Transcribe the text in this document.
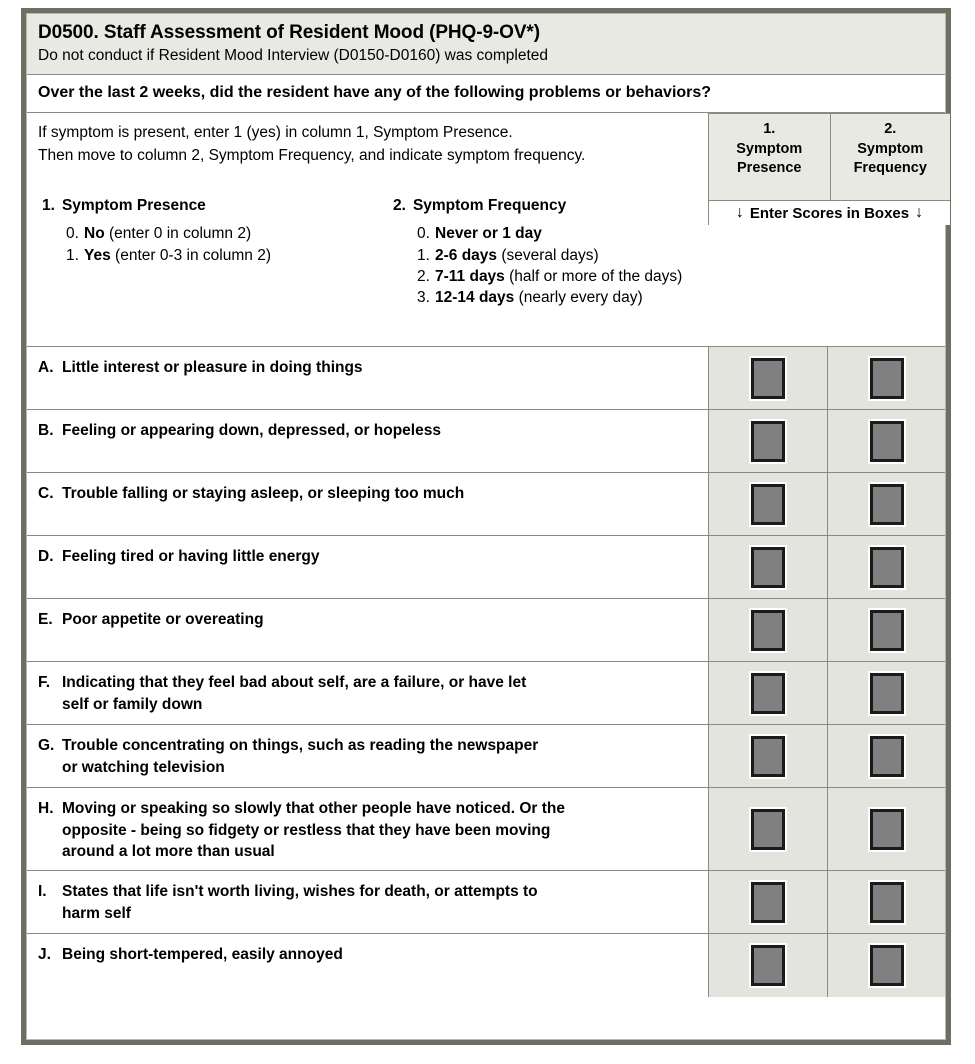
D0500. Staff Assessment of Resident Mood (PHQ-9-OV*)
Do not conduct if Resident Mood Interview (D0150-D0160) was completed
Over the last 2 weeks, did the resident have any of the following problems or behaviors?
If symptom is present, enter 1 (yes) in column 1, Symptom Presence.
Then move to column 2, Symptom Frequency, and indicate symptom frequency.
1. Symptom Presence
0. No (enter 0 in column 2)
1. Yes (enter 0-3 in column 2)
2. Symptom Frequency
0. Never or 1 day
1. 2-6 days (several days)
2. 7-11 days (half or more of the days)
3. 12-14 days (nearly every day)
1.
Symptom
Presence
2.
Symptom
Frequency
↓ Enter Scores in Boxes ↓
A. Little interest or pleasure in doing things
B. Feeling or appearing down, depressed, or hopeless
C. Trouble falling or staying asleep, or sleeping too much
D. Feeling tired or having little energy
E. Poor appetite or overeating
F. Indicating that they feel bad about self, are a failure, or have let
self or family down
G. Trouble concentrating on things, such as reading the newspaper
or watching television
H. Moving or speaking so slowly that other people have noticed. Or the
opposite - being so fidgety or restless that they have been moving
around a lot more than usual
I. States that life isn't worth living, wishes for death, or attempts to
harm self
J. Being short-tempered, easily annoyed
